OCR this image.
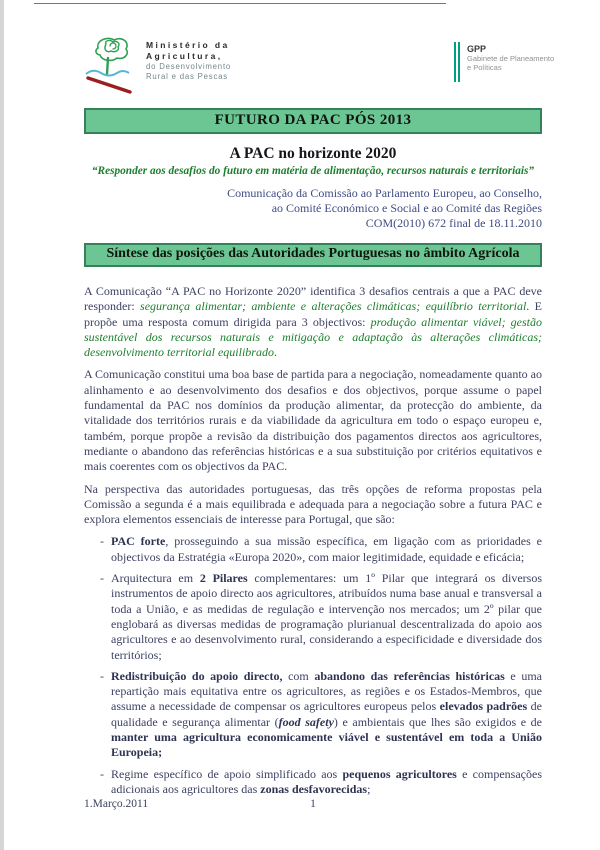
Ministério da
Agricultura,
do Desenvolvimento
Rural e das Pescas
GPP
Gabinete de Planeamento
e Políticas
FUTURO DA PAC PÓS 2013
A PAC no horizonte 2020
“Responder aos desafios do futuro em matéria de alimentação, recursos naturais e territoriais”
Comunicação da Comissão ao Parlamento Europeu, ao Conselho,
ao Comité Económico e Social e ao Comité das Regiões
COM(2010) 672 final de 18.11.2010
Síntese das posições das Autoridades Portuguesas no âmbito Agrícola
A Comunicação “A PAC no Horizonte 2020” identifica 3 desafios centrais a que a PAC deve responder: segurança alimentar; ambiente e alterações climáticas; equilíbrio territorial. E propõe uma resposta comum dirigida para 3 objectivos: produção alimentar viável; gestão sustentável dos recursos naturais e mitigação e adaptação às alterações climáticas; desenvolvimento territorial equilibrado.
A Comunicação constitui uma boa base de partida para a negociação, nomeadamente quanto ao alinhamento e ao desenvolvimento dos desafios e dos objectivos, porque assume o papel fundamental da PAC nos domínios da produção alimentar, da protecção do ambiente, da vitalidade dos territórios rurais e da viabilidade da agricultura em todo o espaço europeu e, também, porque propõe a revisão da distribuição dos pagamentos directos aos agricultores, mediante o abandono das referências históricas e a sua substituição por critérios equitativos e mais coerentes com os objectivos da PAC.
Na perspectiva das autoridades portuguesas, das três opções de reforma propostas pela Comissão a segunda é a mais equilibrada e adequada para a negociação sobre a futura PAC e explora elementos essenciais de interesse para Portugal, que são:
- PAC forte, prosseguindo a sua missão específica, em ligação com as prioridades e objectivos da Estratégia «Europa 2020», com maior legitimidade, equidade e eficácia;
- Arquitectura em 2 Pilares complementares: um 1º Pilar que integrará os diversos instrumentos de apoio directo aos agricultores, atribuídos numa base anual e transversal a toda a União, e as medidas de regulação e intervenção nos mercados; um 2º pilar que englobará as diversas medidas de programação plurianual descentralizada do apoio aos agricultores e ao desenvolvimento rural, considerando a especificidade e diversidade dos territórios;
- Redistribuição do apoio directo, com abandono das referências históricas e uma repartição mais equitativa entre os agricultores, as regiões e os Estados-Membros, que assume a necessidade de compensar os agricultores europeus pelos elevados padrões de qualidade e segurança alimentar (food safety) e ambientais que lhes são exigidos e de manter uma agricultura economicamente viável e sustentável em toda a União Europeia;
- Regime específico de apoio simplificado aos pequenos agricultores e compensações adicionais aos agricultores das zonas desfavorecidas;
1
1.Março.2011
